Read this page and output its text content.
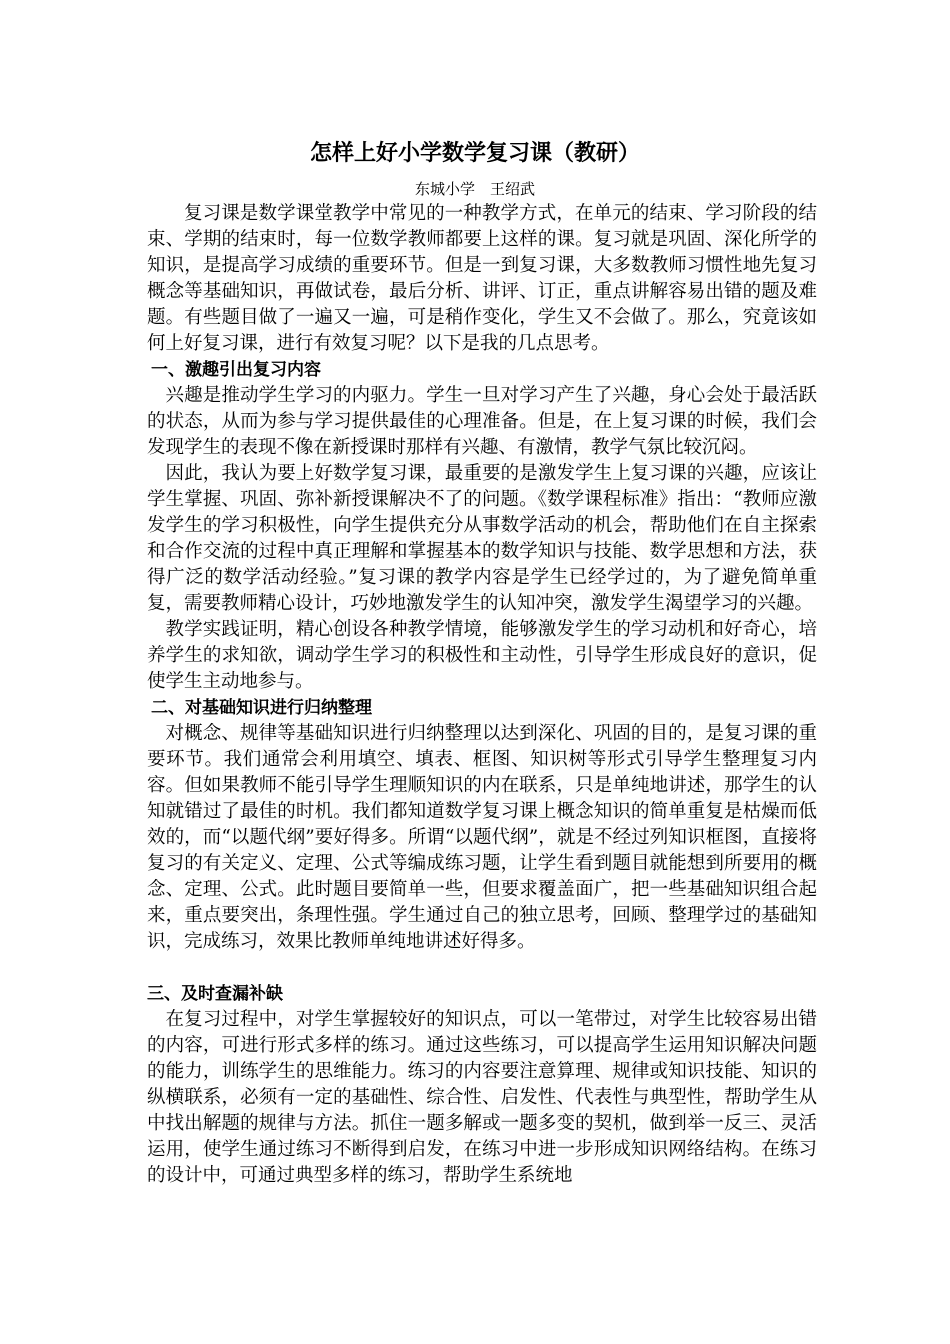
怎样上好小学数学复习课（教研）
东城小学　王绍武

复习课是数学课堂教学中常见的一种教学方式，在单元的结束、学习阶段的结束、学期的结束时，每一位数学教师都要上这样的课。复习就是巩固、深化所学的知识，是提高学习成绩的重要环节。但是一到复习课，大多数教师习惯性地先复习概念等基础知识，再做试卷，最后分析、讲评、订正，重点讲解容易出错的题及难题。有些题目做了一遍又一遍，可是稍作变化，学生又不会做了。那么，究竟该如何上好复习课，进行有效复习呢？以下是我的几点思考。

一、激趣引出复习内容

兴趣是推动学生学习的内驱力。学生一旦对学习产生了兴趣，身心会处于最活跃的状态，从而为参与学习提供最佳的心理准备。但是，在上复习课的时候，我们会发现学生的表现不像在新授课时那样有兴趣、有激情，教学气氛比较沉闷。

因此，我认为要上好数学复习课，最重要的是激发学生上复习课的兴趣，应该让学生掌握、巩固、弥补新授课解决不了的问题。《数学课程标准》指出：“教师应激发学生的学习积极性，向学生提供充分从事数学活动的机会，帮助他们在自主探索和合作交流的过程中真正理解和掌握基本的数学知识与技能、数学思想和方法，获得广泛的数学活动经验。”复习课的教学内容是学生已经学过的，为了避免简单重复，需要教师精心设计，巧妙地激发学生的认知冲突，激发学生渴望学习的兴趣。

教学实践证明，精心创设各种教学情境，能够激发学生的学习动机和好奇心，培养学生的求知欲，调动学生学习的积极性和主动性，引导学生形成良好的意识，促使学生主动地参与。

二、对基础知识进行归纳整理

对概念、规律等基础知识进行归纳整理以达到深化、巩固的目的，是复习课的重要环节。我们通常会利用填空、填表、框图、知识树等形式引导学生整理复习内容。但如果教师不能引导学生理顺知识的内在联系，只是单纯地讲述，那学生的认知就错过了最佳的时机。我们都知道数学复习课上概念知识的简单重复是枯燥而低效的，而“以题代纲”要好得多。所谓“以题代纲”，就是不经过列知识框图，直接将复习的有关定义、定理、公式等编成练习题，让学生看到题目就能想到所要用的概念、定理、公式。此时题目要简单一些，但要求覆盖面广，把一些基础知识组合起来，重点要突出，条理性强。学生通过自己的独立思考，回顾、整理学过的基础知识，完成练习，效果比教师单纯地讲述好得多。

三、及时查漏补缺

在复习过程中，对学生掌握较好的知识点，可以一笔带过，对学生比较容易出错的内容，可进行形式多样的练习。通过这些练习，可以提高学生运用知识解决问题的能力，训练学生的思维能力。练习的内容要注意算理、规律或知识技能、知识的纵横联系，必须有一定的基础性、综合性、启发性、代表性与典型性，帮助学生从中找出解题的规律与方法。抓住一题多解或一题多变的契机，做到举一反三、灵活运用，使学生通过练习不断得到启发，在练习中进一步形成知识网络结构。在练习的设计中，可通过典型多样的练习，帮助学生系统地
